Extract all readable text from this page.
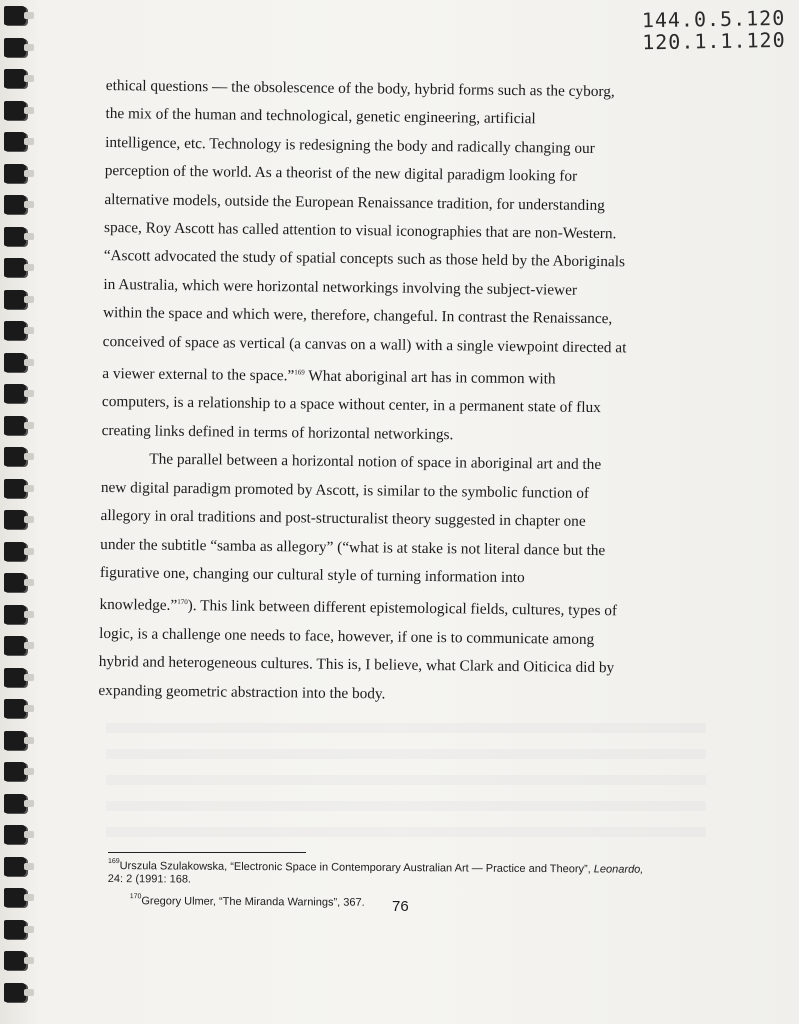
144.0.5.120
120.1.1.120

ethical questions — the obsolescence of the body, hybrid forms such as the cyborg,
the mix of the human and technological, genetic engineering, artificial
intelligence, etc. Technology is redesigning the body and radically changing our
perception of the world. As a theorist of the new digital paradigm looking for
alternative models, outside the European Renaissance tradition, for understanding
space, Roy Ascott has called attention to visual iconographies that are non-Western.
“Ascott advocated the study of spatial concepts such as those held by the Aboriginals
in Australia, which were horizontal networkings involving the subject-viewer
within the space and which were, therefore, changeful. In contrast the Renaissance,
conceived of space as vertical (a canvas on a wall) with a single viewpoint directed at
a viewer external to the space.”$^{169}$ What aboriginal art has in common with
computers, is a relationship to a space without center, in a permanent state of flux
creating links defined in terms of horizontal networkings.

The parallel between a horizontal notion of space in aboriginal art and the
new digital paradigm promoted by Ascott, is similar to the symbolic function of
allegory in oral traditions and post-structuralist theory suggested in chapter one
under the subtitle “samba as allegory” (“what is at stake is not literal dance but the
figurative one, changing our cultural style of turning information into
knowledge.”$^{170}$). This link between different epistemological fields, cultures, types of
logic, is a challenge one needs to face, however, if one is to communicate among
hybrid and heterogeneous cultures. This is, I believe, what Clark and Oiticica did by
expanding geometric abstraction into the body.

$^{169}$Urszula Szulakowska, “Electronic Space in Contemporary Australian Art — Practice and Theory”, Leonardo,
24: 2 (1991: 168.

$^{170}$Gregory Ulmer, “The Miranda Warnings”, 367.	76
